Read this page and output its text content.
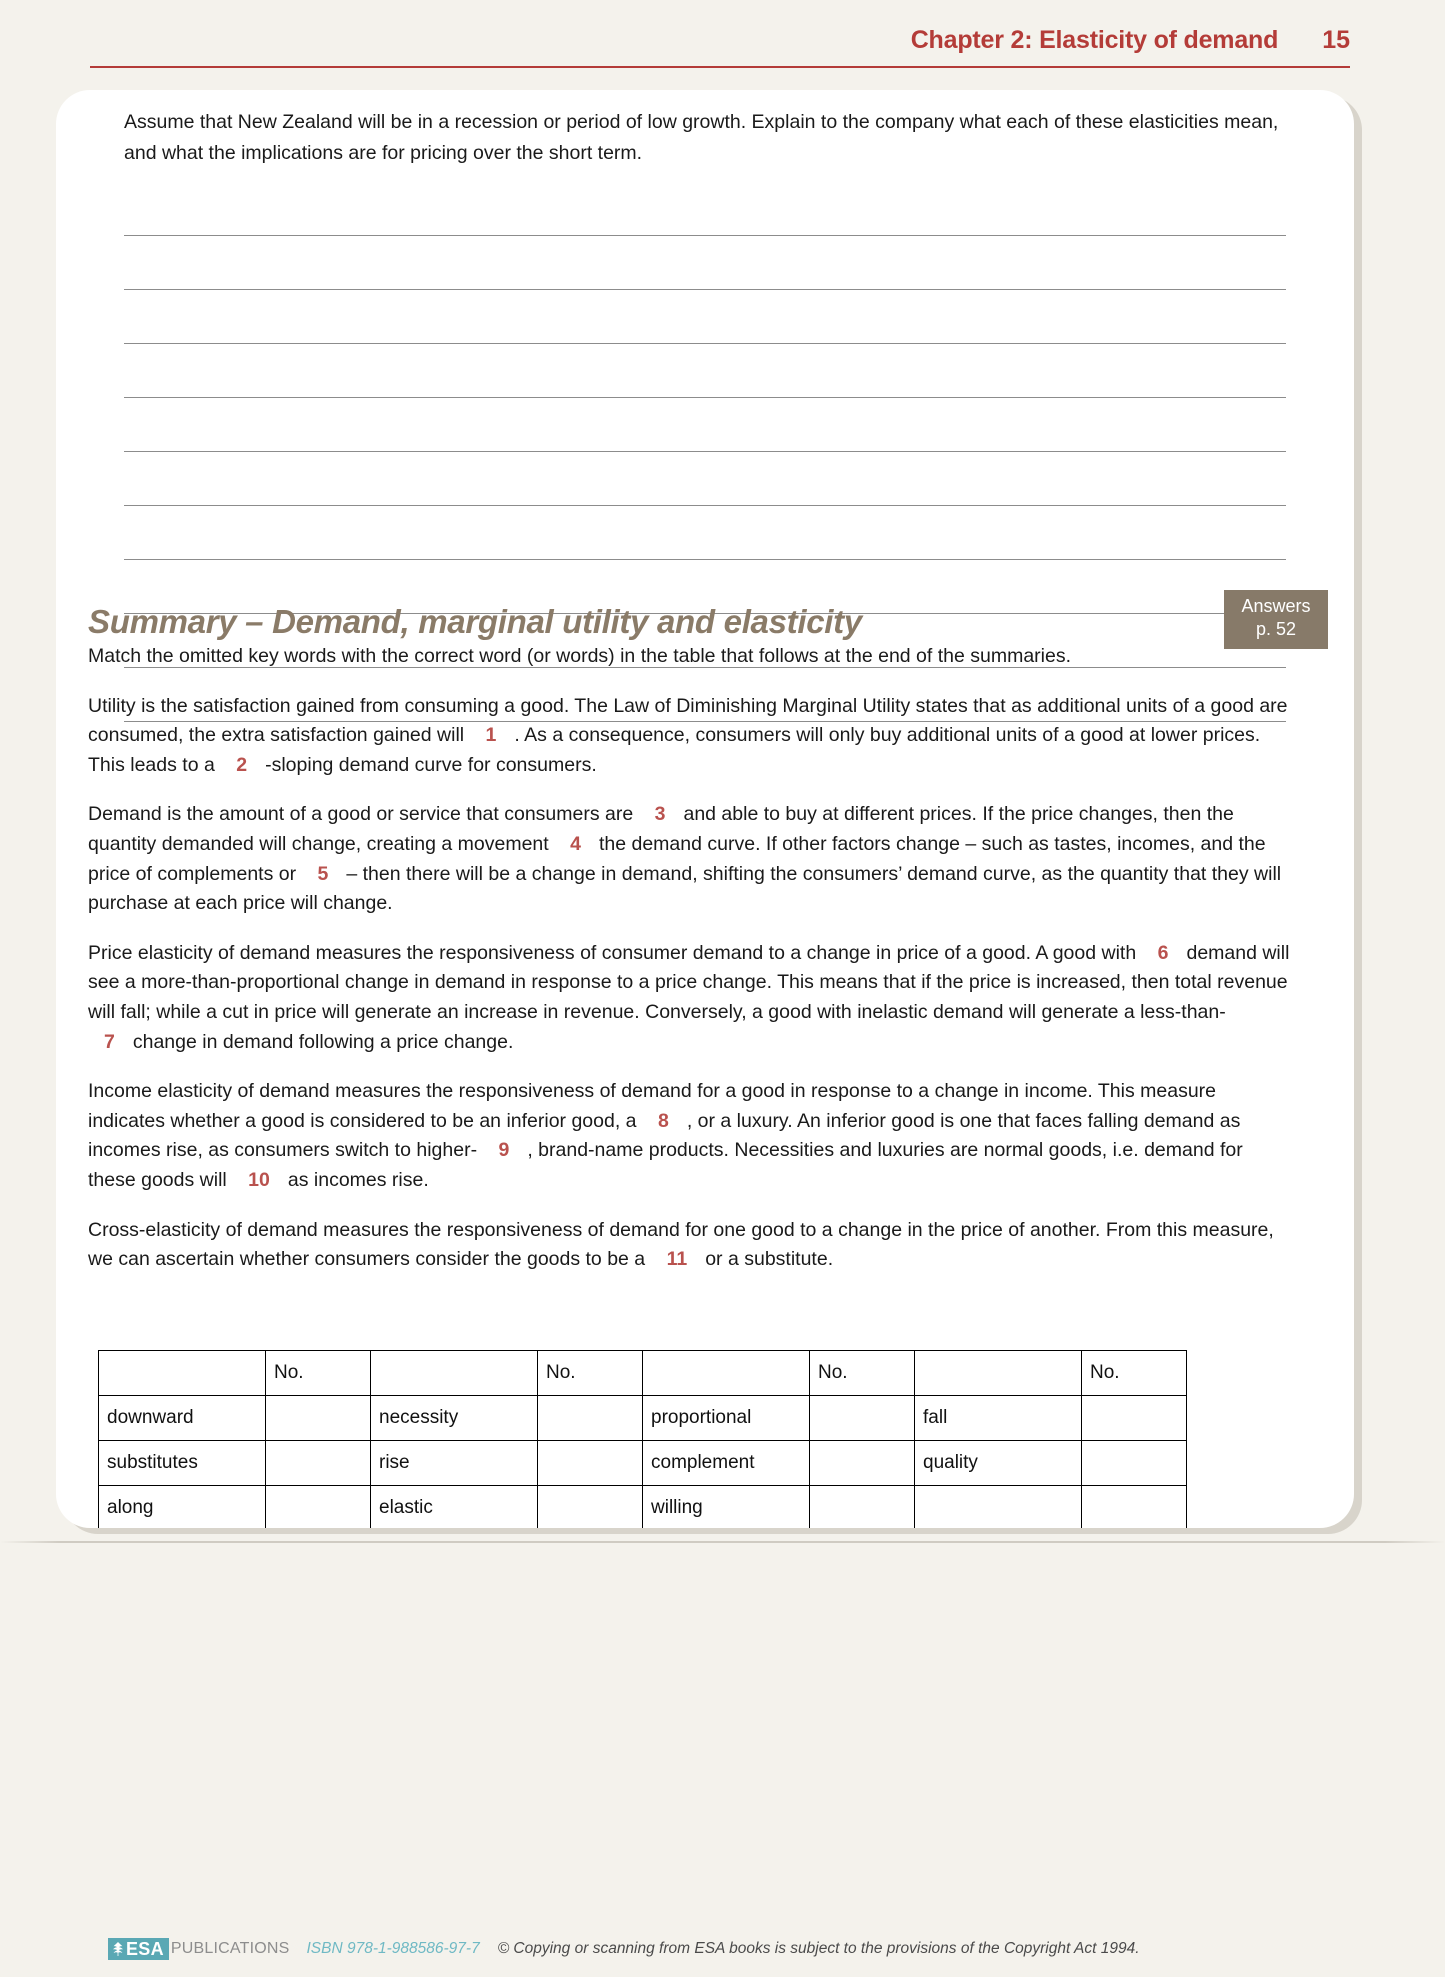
Chapter 2: Elasticity of demand 15
Assume that New Zealand will be in a recession or period of low growth. Explain to the company what each of these elasticities mean, and what the implications are for pricing over the short term.
Summary – Demand, marginal utility and elasticity	Answers
p. 52

Match the omitted key words with the correct word (or words) in the table that follows at the end of the summaries.

Utility is the satisfaction gained from consuming a good. The Law of Diminishing Marginal Utility states that as additional units of a good are consumed, the extra satisfaction gained will 1 . As a consequence, consumers will only buy additional units of a good at lower prices. This leads to a 2 -sloping demand curve for consumers.

Demand is the amount of a good or service that consumers are 3 and able to buy at different prices. If the price changes, then the quantity demanded will change, creating a movement 4 the demand curve. If other factors change – such as tastes, incomes, and the price of complements or 5 – then there will be a change in demand, shifting the consumers’ demand curve, as the quantity that they will purchase at each price will change.

Price elasticity of demand measures the responsiveness of consumer demand to a change in price of a good. A good with 6 demand will see a more-than-proportional change in demand in response to a price change. This means that if the price is increased, then total revenue will fall; while a cut in price will generate an increase in revenue. Conversely, a good with inelastic demand will generate a less-than- 7 change in demand following a price change.

Income elasticity of demand measures the responsiveness of demand for a good in response to a change in income. This measure indicates whether a good is considered to be an inferior good, a 8 , or a luxury. An inferior good is one that faces falling demand as incomes rise, as consumers switch to higher- 9 , brand-name products. Necessities and luxuries are normal goods, i.e. demand for these goods will 10 as incomes rise.

Cross-elasticity of demand measures the responsiveness of demand for one good to a change in the price of another. From this measure, we can ascertain whether consumers consider the goods to be a 11 or a substitute.

	No.		No.		No.		No.
downward		necessity		proportional		fall	
substitutes		rise		complement		quality	
along		elastic		willing			
ESA PUBLICATIONS ISBN 978-1-988586-97-7 © Copying or scanning from ESA books is subject to the provisions of the Copyright Act 1994.
